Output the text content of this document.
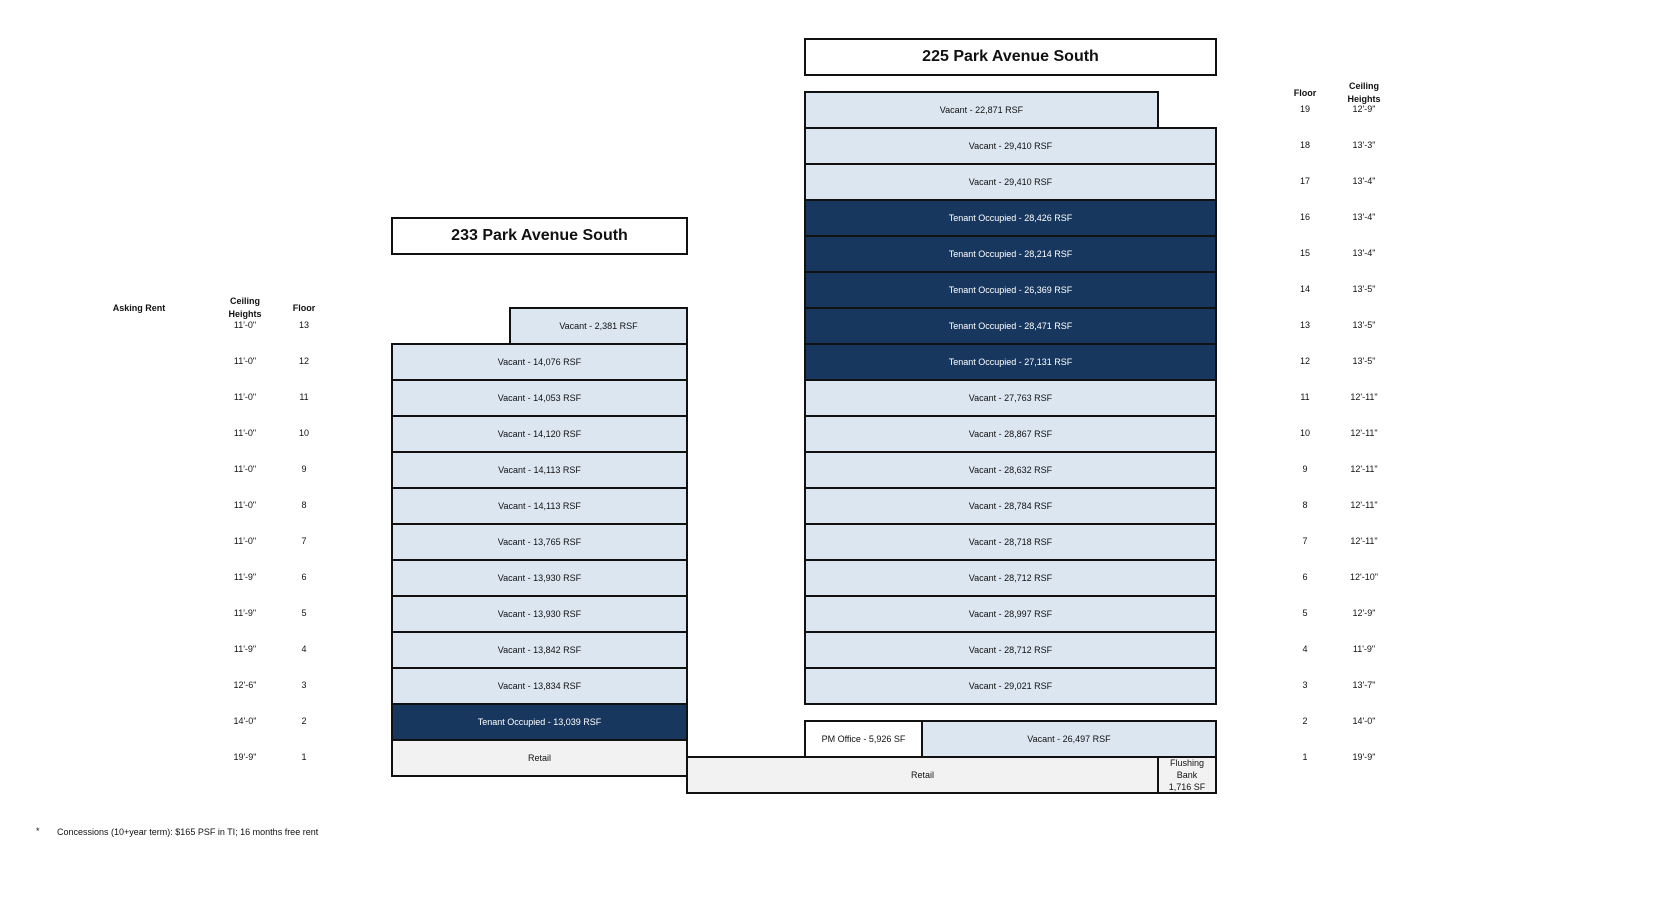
233 Park Avenue South
225 Park Avenue South
Asking Rent
Ceiling
Heights
Floor
Floor
Ceiling
Heights
11'-0"	13
11'-0"	12
11'-0"	11
11'-0"	10
11'-0"	9
11'-0"	8
11'-0"	7
11'-9"	6
11'-9"	5
11'-9"	4
12'-6"	3
14'-0"	2
19'-9"	1
19	12'-9"
18	13'-3"
17	13'-4"
16	13'-4"
15	13'-4"
14	13'-5"
13	13'-5"
12	13'-5"
11	12'-11"
10	12'-11"
9	12'-11"
8	12'-11"
7	12'-11"
6	12'-10"
5	12'-9"
4	11'-9"
3	13'-7"
2	14'-0"
1	19'-9"
Vacant - 2,381 RSF
Vacant - 14,076 RSF
Vacant - 14,053 RSF
Vacant - 14,120 RSF
Vacant - 14,113 RSF
Vacant - 14,113 RSF
Vacant - 13,765 RSF
Vacant - 13,930 RSF
Vacant - 13,930 RSF
Vacant - 13,842 RSF
Vacant - 13,834 RSF
Tenant Occupied - 13,039 RSF
Retail
Vacant - 22,871 RSF
Vacant - 29,410 RSF
Vacant - 29,410 RSF
Tenant Occupied - 28,426 RSF
Tenant Occupied - 28,214 RSF
Tenant Occupied - 26,369 RSF
Tenant Occupied - 28,471 RSF
Tenant Occupied - 27,131 RSF
Vacant - 27,763 RSF
Vacant - 28,867 RSF
Vacant - 28,632 RSF
Vacant - 28,784 RSF
Vacant - 28,718 RSF
Vacant - 28,712 RSF
Vacant - 28,997 RSF
Vacant - 28,712 RSF
Vacant - 29,021 RSF
PM Office - 5,926 SF	Vacant - 26,497 RSF
Retail
Flushing Bank
1,716 SF
* Concessions (10+year term): $165 PSF in TI; 16 months free rent
